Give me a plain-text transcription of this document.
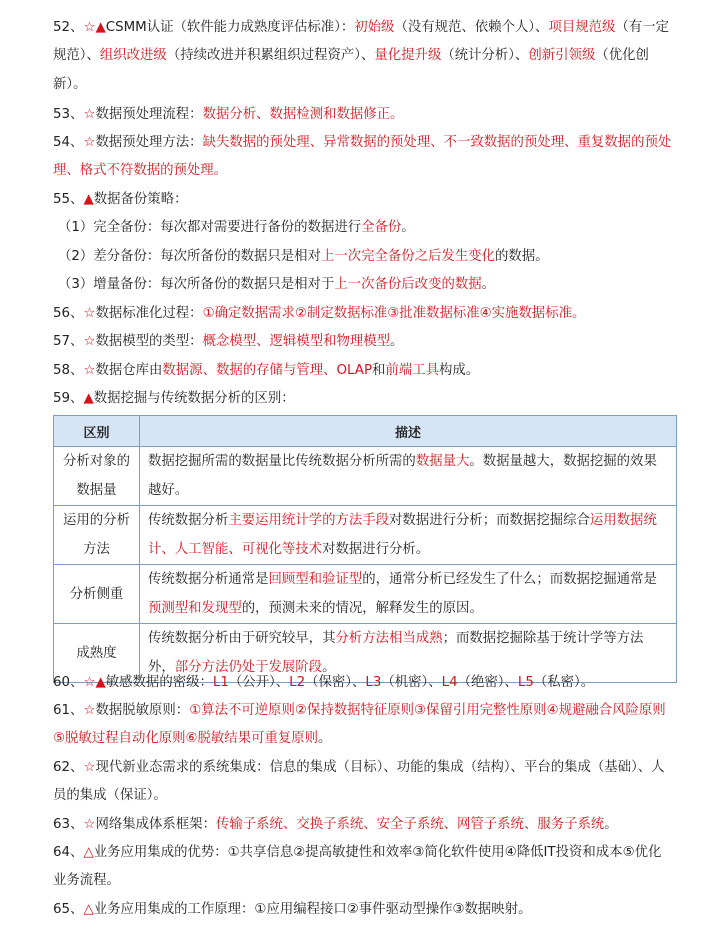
52、☆▲CSMM认证（软件能力成熟度评估标准）：初始级（没有规范、依赖个人）、项目规范级（有一定规范）、组织改进级（持续改进并积累组织过程资产）、量化提升级（统计分析）、创新引领级（优化创新）。
53、☆数据预处理流程：数据分析、数据检测和数据修正。
54、☆数据预处理方法：缺失数据的预处理、异常数据的预处理、不一致数据的预处理、重复数据的预处理、格式不符数据的预处理。
55、▲数据备份策略：
（1）完全备份：每次都对需要进行备份的数据进行全备份。
（2）差分备份：每次所备份的数据只是相对上一次完全备份之后发生变化的数据。
（3）增量备份：每次所备份的数据只是相对于上一次备份后改变的数据。
56、☆数据标准化过程：①确定数据需求②制定数据标准③批准数据标准④实施数据标准。
57、☆数据模型的类型：概念模型、逻辑模型和物理模型。
58、☆数据仓库由数据源、数据的存储与管理、OLAP和前端工具构成。
59、▲数据挖掘与传统数据分析的区别：
区别	描述
分析对象的数据量	数据挖掘所需的数据量比传统数据分析所需的数据量大。数据量越大，数据挖掘的效果越好。
运用的分析方法	传统数据分析主要运用统计学的方法手段对数据进行分析；而数据挖掘综合运用数据统计、人工智能、可视化等技术对数据进行分析。
分析侧重	传统数据分析通常是回顾型和验证型的，通常分析已经发生了什么；而数据挖掘通常是预测型和发现型的，预测未来的情况，解释发生的原因。
成熟度	传统数据分析由于研究较早，其分析方法相当成熟；而数据挖掘除基于统计学等方法外，部分方法仍处于发展阶段。
60、☆▲敏感数据的密级：L1（公开）、L2（保密）、L3（机密）、L4（绝密）、L5（私密）。
61、☆数据脱敏原则：①算法不可逆原则②保持数据特征原则③保留引用完整性原则④规避融合风险原则⑤脱敏过程自动化原则⑥脱敏结果可重复原则。
62、☆现代新业态需求的系统集成：信息的集成（目标）、功能的集成（结构）、平台的集成（基础）、人员的集成（保证）。
63、☆网络集成体系框架：传输子系统、交换子系统、安全子系统、网管子系统、服务子系统。
64、△业务应用集成的优势：①共享信息②提高敏捷性和效率③简化软件使用④降低IT投资和成本⑤优化业务流程。
65、△业务应用集成的工作原理：①应用编程接口②事件驱动型操作③数据映射。
